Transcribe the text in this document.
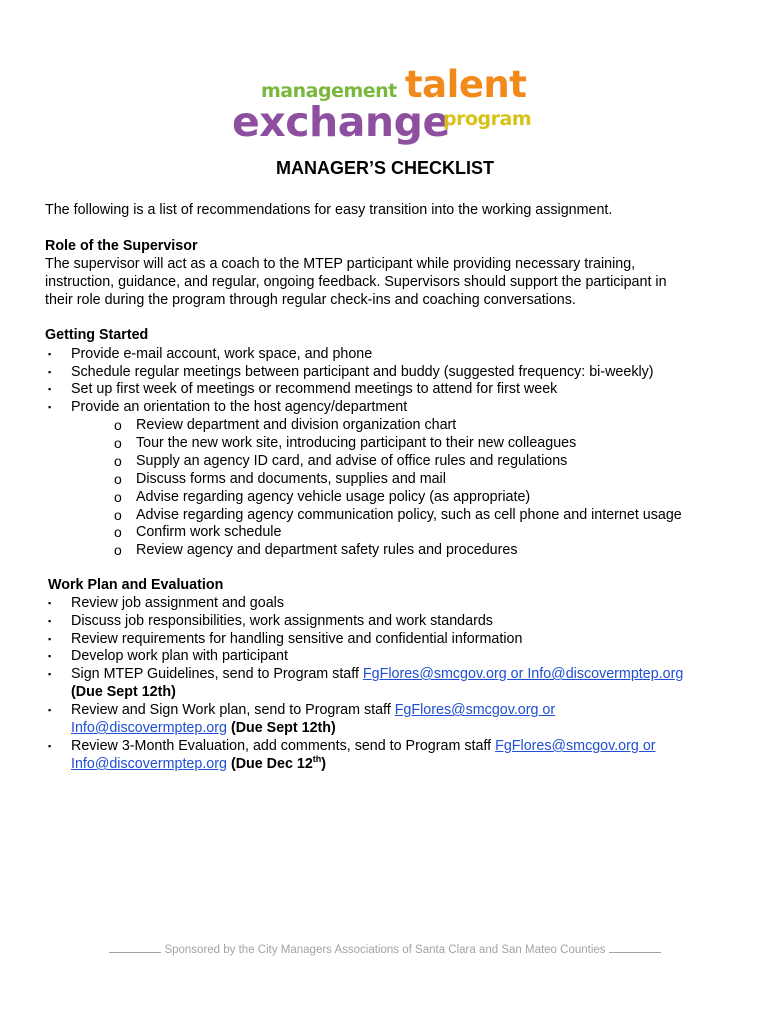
management talent
exchange
program
MANAGER’S CHECKLIST
The following is a list of recommendations for easy transition into the working assignment.
Role of the Supervisor
The supervisor will act as a coach to the MTEP participant while providing necessary training,
instruction, guidance, and regular, ongoing feedback. Supervisors should support the participant in
their role during the program through regular check-ins and coaching conversations.
Getting Started
▪ Provide e-mail account, work space, and phone
▪ Schedule regular meetings between participant and buddy (suggested frequency: bi-weekly)
▪ Set up first week of meetings or recommend meetings to attend for first week
▪ Provide an orientation to the host agency/department
o Review department and division organization chart
o Tour the new work site, introducing participant to their new colleagues
o Supply an agency ID card, and advise of office rules and regulations
o Discuss forms and documents, supplies and mail
o Advise regarding agency vehicle usage policy (as appropriate)
o Advise regarding agency communication policy, such as cell phone and internet usage
o Confirm work schedule
o Review agency and department safety rules and procedures
Work Plan and Evaluation
▪ Review job assignment and goals
▪ Discuss job responsibilities, work assignments and work standards
▪ Review requirements for handling sensitive and confidential information
▪ Develop work plan with participant
▪ Sign MTEP Guidelines, send to Program staff FgFlores@smcgov.org or Info@discovermptep.org
(Due Sept 12th)
▪ Review and Sign Work plan, send to Program staff FgFlores@smcgov.org or
Info@discovermptep.org (Due Sept 12th)
▪ Review 3-Month Evaluation, add comments, send to Program staff FgFlores@smcgov.org or
Info@discovermptep.org (Due Dec 12th)
Sponsored by the City Managers Associations of Santa Clara and San Mateo Counties
